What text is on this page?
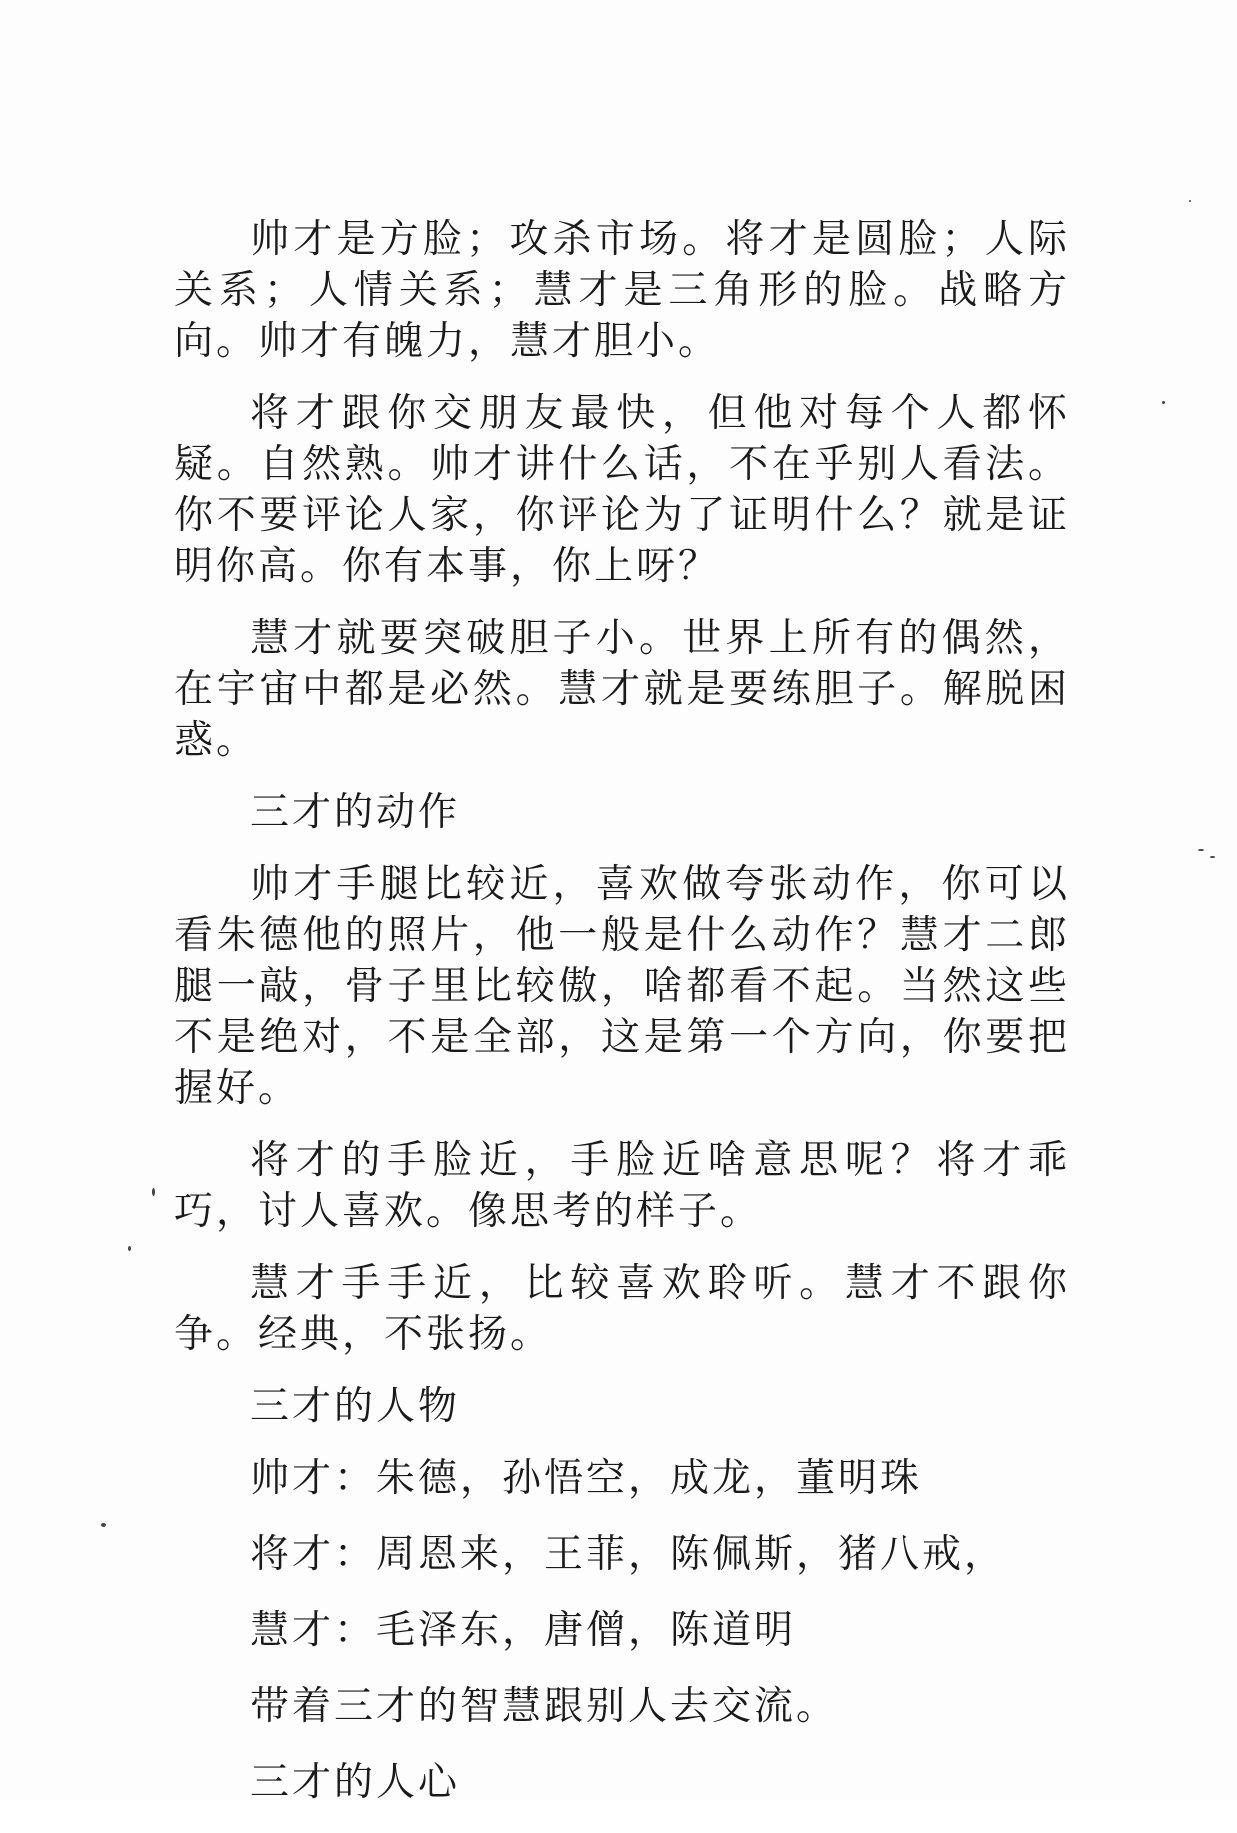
帅才是方脸；攻杀市场。将才是圆脸；人际关系；人情关系；慧才是三角形的脸。战略方向。帅才有魄力，慧才胆小。

将才跟你交朋友最快，但他对每个人都怀疑。自然熟。帅才讲什么话，不在乎别人看法。你不要评论人家，你评论为了证明什么？就是证明你高。你有本事，你上呀？

慧才就要突破胆子小。世界上所有的偶然，在宇宙中都是必然。慧才就是要练胆子。解脱困惑。

三才的动作

帅才手腿比较近，喜欢做夸张动作，你可以看朱德他的照片，他一般是什么动作？慧才二郎腿一敲，骨子里比较傲，啥都看不起。当然这些不是绝对，不是全部，这是第一个方向，你要把握好。

将才的手脸近，手脸近啥意思呢？将才乖巧，讨人喜欢。像思考的样子。

慧才手手近，比较喜欢聆听。慧才不跟你争。经典，不张扬。

三才的人物

帅才：朱德，孙悟空，成龙，董明珠

将才：周恩来，王菲，陈佩斯，猪八戒，

慧才：毛泽东，唐僧，陈道明

带着三才的智慧跟别人去交流。

三才的人心
